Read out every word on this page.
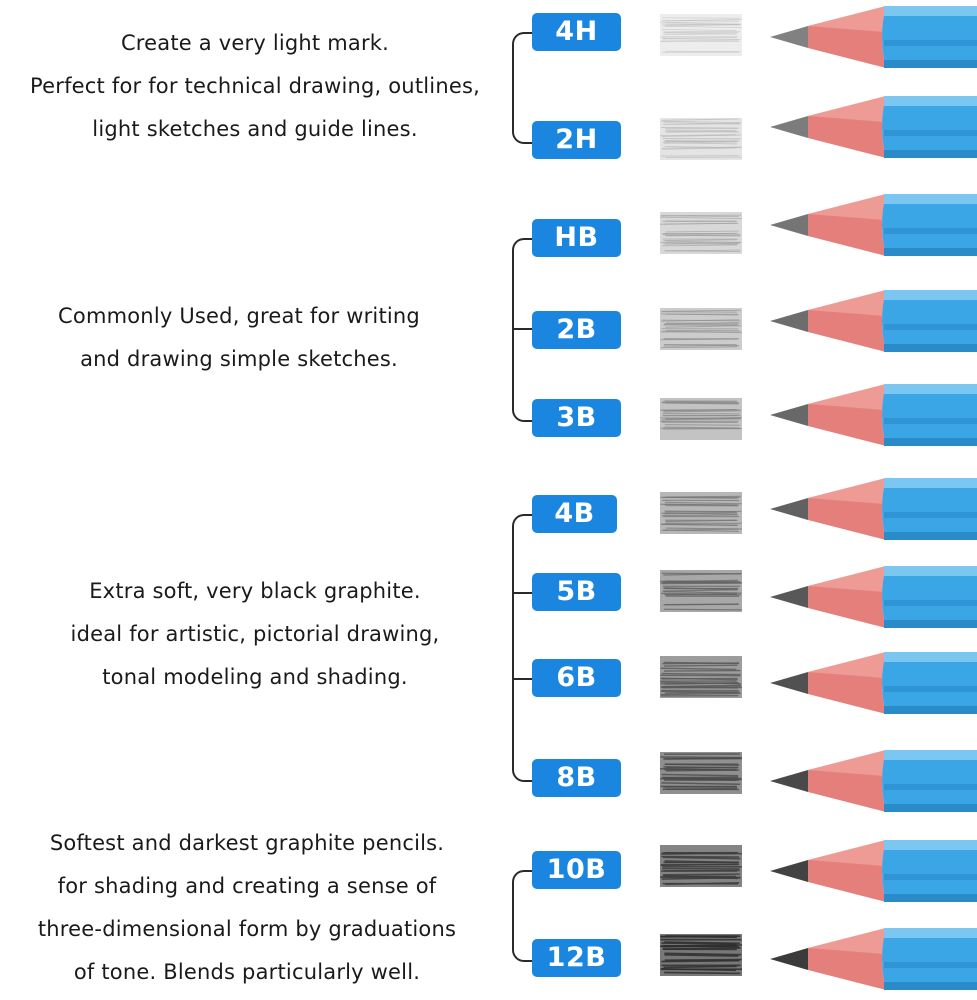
Create a very light mark.
Perfect for for technical drawing, outlines,
light sketches and guide lines.
Commonly Used, great for writing
and drawing simple sketches.
Extra soft, very black graphite.
ideal for artistic, pictorial drawing,
tonal modeling and shading.
Softest and darkest graphite pencils.
for shading and creating a sense of
three-dimensional form by graduations
of tone. Blends particularly well.
4H
2H
HB
2B
3B
4B
5B
6B
8B
10B
12B
